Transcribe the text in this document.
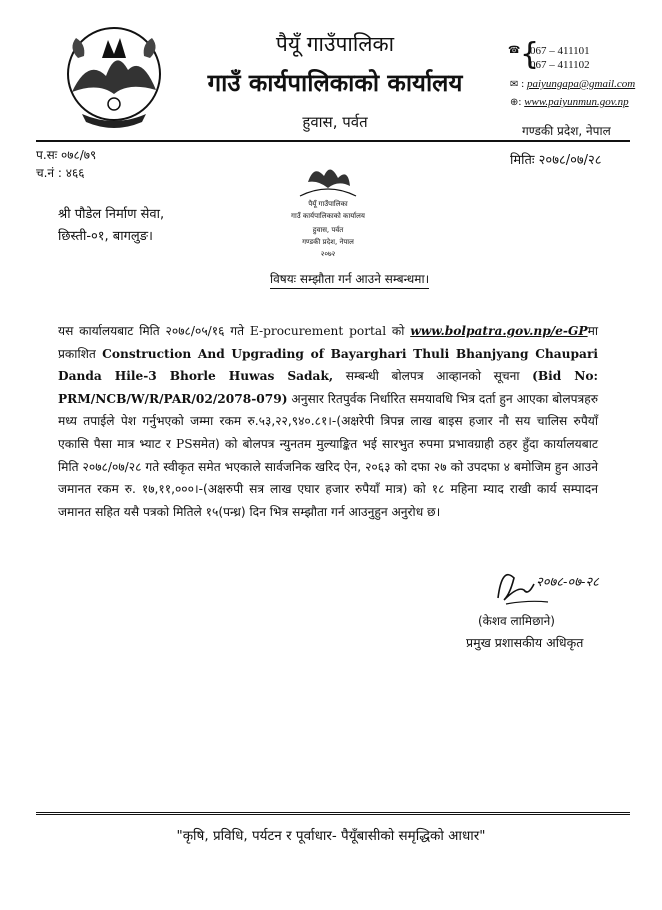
पैयूँ गाउँपालिका
गाउँ कार्यपालिकाको कार्यालय
हुवास, पर्वत
☎ {
067 – 411101
067 – 411102
✉ : paiyungapa@gmail.com
⊕: www.paiyunmun.gov.np
गण्डकी प्रदेश, नेपाल
प.सः ०७८/७९
च.नं : ४६६
मितिः २०७८/०७/२८
पैयूँ गाउँपालिका
गाउँ कार्यपालिकाको कार्यालय
हुवास, पर्वत
गण्डकी प्रदेश, नेपाल
२०७२
श्री पौडेल निर्माण सेवा,
छिस्ती-०१, बागलुङ।
विषयः सम्झौता गर्न आउने सम्बन्धमा।
यस कार्यालयबाट मिति २०७८/०५/१६ गते E-procurement portal को www.bolpatra.gov.np/e-GPमा प्रकाशित Construction And Upgrading of Bayarghari Thuli Bhanjyang Chaupari Danda Hile-3 Bhorle Huwas Sadak, सम्बन्धी बोलपत्र आव्हानको सूचना (Bid No: PRM/NCB/W/R/PAR/02/2078-079) अनुसार रितपुर्वक निर्धारित समयावधि भित्र दर्ता हुन आएका बोलपत्रहरु मध्य तपाईले पेश गर्नुभएको जम्मा रकम रु.५३,२२,९४०.८१।-(अक्षरेपी त्रिपन्न लाख बाइस हजार नौ सय चालिस रुपैयाँ एकासि पैसा मात्र भ्याट र PSसमेत) को बोलपत्र न्युनतम मुल्याङ्कित भई सारभुत रुपमा प्रभावग्राही ठहर हुँदा कार्यालयबाट मिति २०७८/०७/२८ गते स्वीकृत समेत भएकाले सार्वजनिक खरिद ऐन, २०६३ को दफा २७ को उपदफा ४ बमोजिम हुन आउने जमानत रकम रु. १७,११,०००।-(अक्षरुपी सत्र लाख एघार हजार रुपैयाँ मात्र) को १८ महिना म्याद राखी कार्य सम्पादन जमानत सहित यसै पत्रको मितिले १५(पन्ध्र) दिन भित्र सम्झौता गर्न आउनुहुन अनुरोध छ।
२०७८-०७-२८
(केशव लामिछाने)
प्रमुख प्रशासकीय अधिकृत
"कृषि, प्रविधि, पर्यटन र पूर्वाधार- पैयूँबासीको समृद्धिको आधार"
